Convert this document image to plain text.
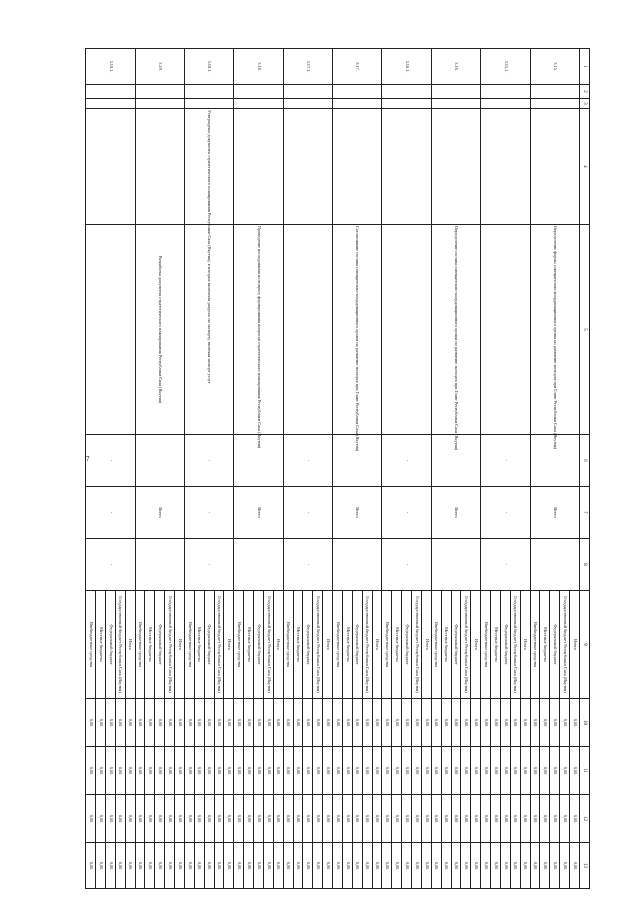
7
1	2	3	4	5	6	7	8	9	10	11	12	13
3.15.				Определение формы совещательно-координационного органа по развитию экспорта при Главе Республики Саха (Якутия)		Всего		Итого	0,00	0,00	0,00	0,00
								Государственный бюджет Республики Саха (Якутия)	0,00	0,00	0,00	0,00
								Федеральный бюджет	0,00	0,00	0,00	0,00
								Местные бюджеты	0,00	0,00	0,00	0,00
								Внебюджетные средства	0,00	0,00	0,00	0,00
3.15.1.					-	-	-	Итого	0,00	0,00	0,00	0,00
								Государственный бюджет Республики Саха (Якутия)	0,00	0,00	0,00	0,00
								Федеральный бюджет	0,00	0,00	0,00	0,00
								Местные бюджеты	0,00	0,00	0,00	0,00
								Внебюджетные средства	0,00	0,00	0,00	0,00
3.16.				Определение состава совещательно-координационного органа по развитию экспорта при Главе Республики Саха (Якутия)		Всего		Итого	0,00	0,00	0,00	0,00
								Государственный бюджет Республики Саха (Якутия)	0,00	0,00	0,00	0,00
								Федеральный бюджет	0,00	0,00	0,00	0,00
								Местные бюджеты	0,00	0,00	0,00	0,00
								Внебюджетные средства	0,00	0,00	0,00	0,00
3.16.1.					-	-	-	Итого	0,00	0,00	0,00	0,00
								Государственный бюджет Республики Саха (Якутия)	0,00	0,00	0,00	0,00
								Федеральный бюджет	0,00	0,00	0,00	0,00
								Местные бюджеты	0,00	0,00	0,00	0,00
								Внебюджетные средства	0,00	0,00	0,00	0,00
3.17.				Согласование состава совещательно-координационного органа по развитию экспорта при Главе Республики Саха (Якутия)		Всего		Итого	0,00	0,00	0,00	0,00
								Государственный бюджет Республики Саха (Якутия)	0,00	0,00	0,00	0,00
								Федеральный бюджет	0,00	0,00	0,00	0,00
								Местные бюджеты	0,00	0,00	0,00	0,00
								Внебюджетные средства	0,00	0,00	0,00	0,00
3.17.1.					-	-	-	Итого	0,00	0,00	0,00	0,00
								Государственный бюджет Республики Саха (Якутия)	0,00	0,00	0,00	0,00
								Федеральный бюджет	0,00	0,00	0,00	0,00
								Местные бюджеты	0,00	0,00	0,00	0,00
								Внебюджетные средства	0,00	0,00	0,00	0,00
3.18.				Проведение исследования по вопросу формирования вопросов стратегического планирования Республики Саха (Якутия)		Всего		Итого	0,00	0,00	0,00	0,00
								Государственный бюджет Республики Саха (Якутия)	0,00	0,00	0,00	0,00
								Федеральный бюджет	0,00	0,00	0,00	0,00
								Местные бюджеты	0,00	0,00	0,00	0,00
								Внебюджетные средства	0,00	0,00	0,00	0,00
3.18.1.			Утверждены документы стратегического планирования Республики Саха (Якутия), в которых включены разделы по экспорту, включая экспорт услуг		-	-	-	Итого	0,00	0,00	0,00	0,00
								Государственный бюджет Республики Саха (Якутия)	0,00	0,00	0,00	0,00
								Федеральный бюджет	0,00	0,00	0,00	0,00
								Местные бюджеты	0,00	0,00	0,00	0,00
								Внебюджетные средства	0,00	0,00	0,00	0,00
3.19.				Разработка документа стратегического планирования Республики Саха (Якутия)		Всего		Итого	0,00	0,00	0,00	0,00
								Государственный бюджет Республики Саха (Якутия)	0,00	0,00	0,00	0,00
								Федеральный бюджет	0,00	0,00	0,00	0,00
								Местные бюджеты	0,00	0,00	0,00	0,00
								Внебюджетные средства	0,00	0,00	0,00	0,00
3.19.1.					-	-	-	Итого	0,00	0,00	0,00	0,00
								Государственный бюджет Республики Саха (Якутия)	0,00	0,00	0,00	0,00
								Федеральный бюджет	0,00	0,00	0,00	0,00
								Местные бюджеты	0,00	0,00	0,00	0,00
								Внебюджетные средства	0,00	0,00	0,00	0,00
